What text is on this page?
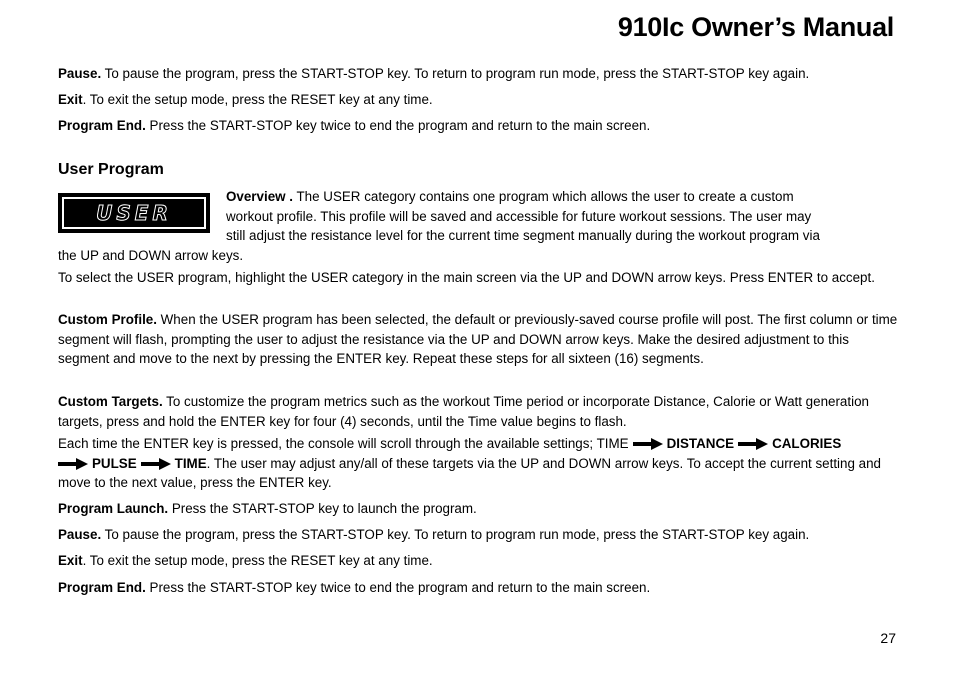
910Ic Owner’s Manual

Pause. To pause the program, press the START-STOP key. To return to program run mode, press the START-STOP key again.

Exit. To exit the setup mode, press the RESET key at any time.

Program End. Press the START-STOP key twice to end the program and return to the main screen.

User Program
USER
Overview . The USER category contains one program which allows the user to create a custom
workout profile. This profile will be saved and accessible for future workout sessions. The user may
still adjust the resistance level for the current time segment manually during the workout program via
the UP and DOWN arrow keys.

To select the USER program, highlight the USER category in the main screen via the UP and DOWN arrow keys. Press ENTER to accept.

Custom Profile. When the USER program has been selected, the default or previously-saved course profile will post. The first column or time segment will flash, prompting the user to adjust the resistance via the UP and DOWN arrow keys. Make the desired adjustment to this segment and move to the next by pressing the ENTER key. Repeat these steps for all sixteen (16) segments.

Custom Targets. To customize the program metrics such as the workout Time period or incorporate Distance, Calorie or Watt generation targets, press and hold the ENTER key for four (4) seconds, until the Time value begins to flash.

Each time the ENTER key is pressed, the console will scroll through the available settings; TIME	DISTANCE	CALORIES
PULSE	TIME. The user may adjust any/all of these targets via the UP and DOWN arrow keys. To accept the current setting and move to the next value, press the ENTER key.

Program Launch. Press the START-STOP key to launch the program.

Pause. To pause the program, press the START-STOP key. To return to program run mode, press the START-STOP key again.

Exit. To exit the setup mode, press the RESET key at any time.

Program End. Press the START-STOP key twice to end the program and return to the main screen.

27
